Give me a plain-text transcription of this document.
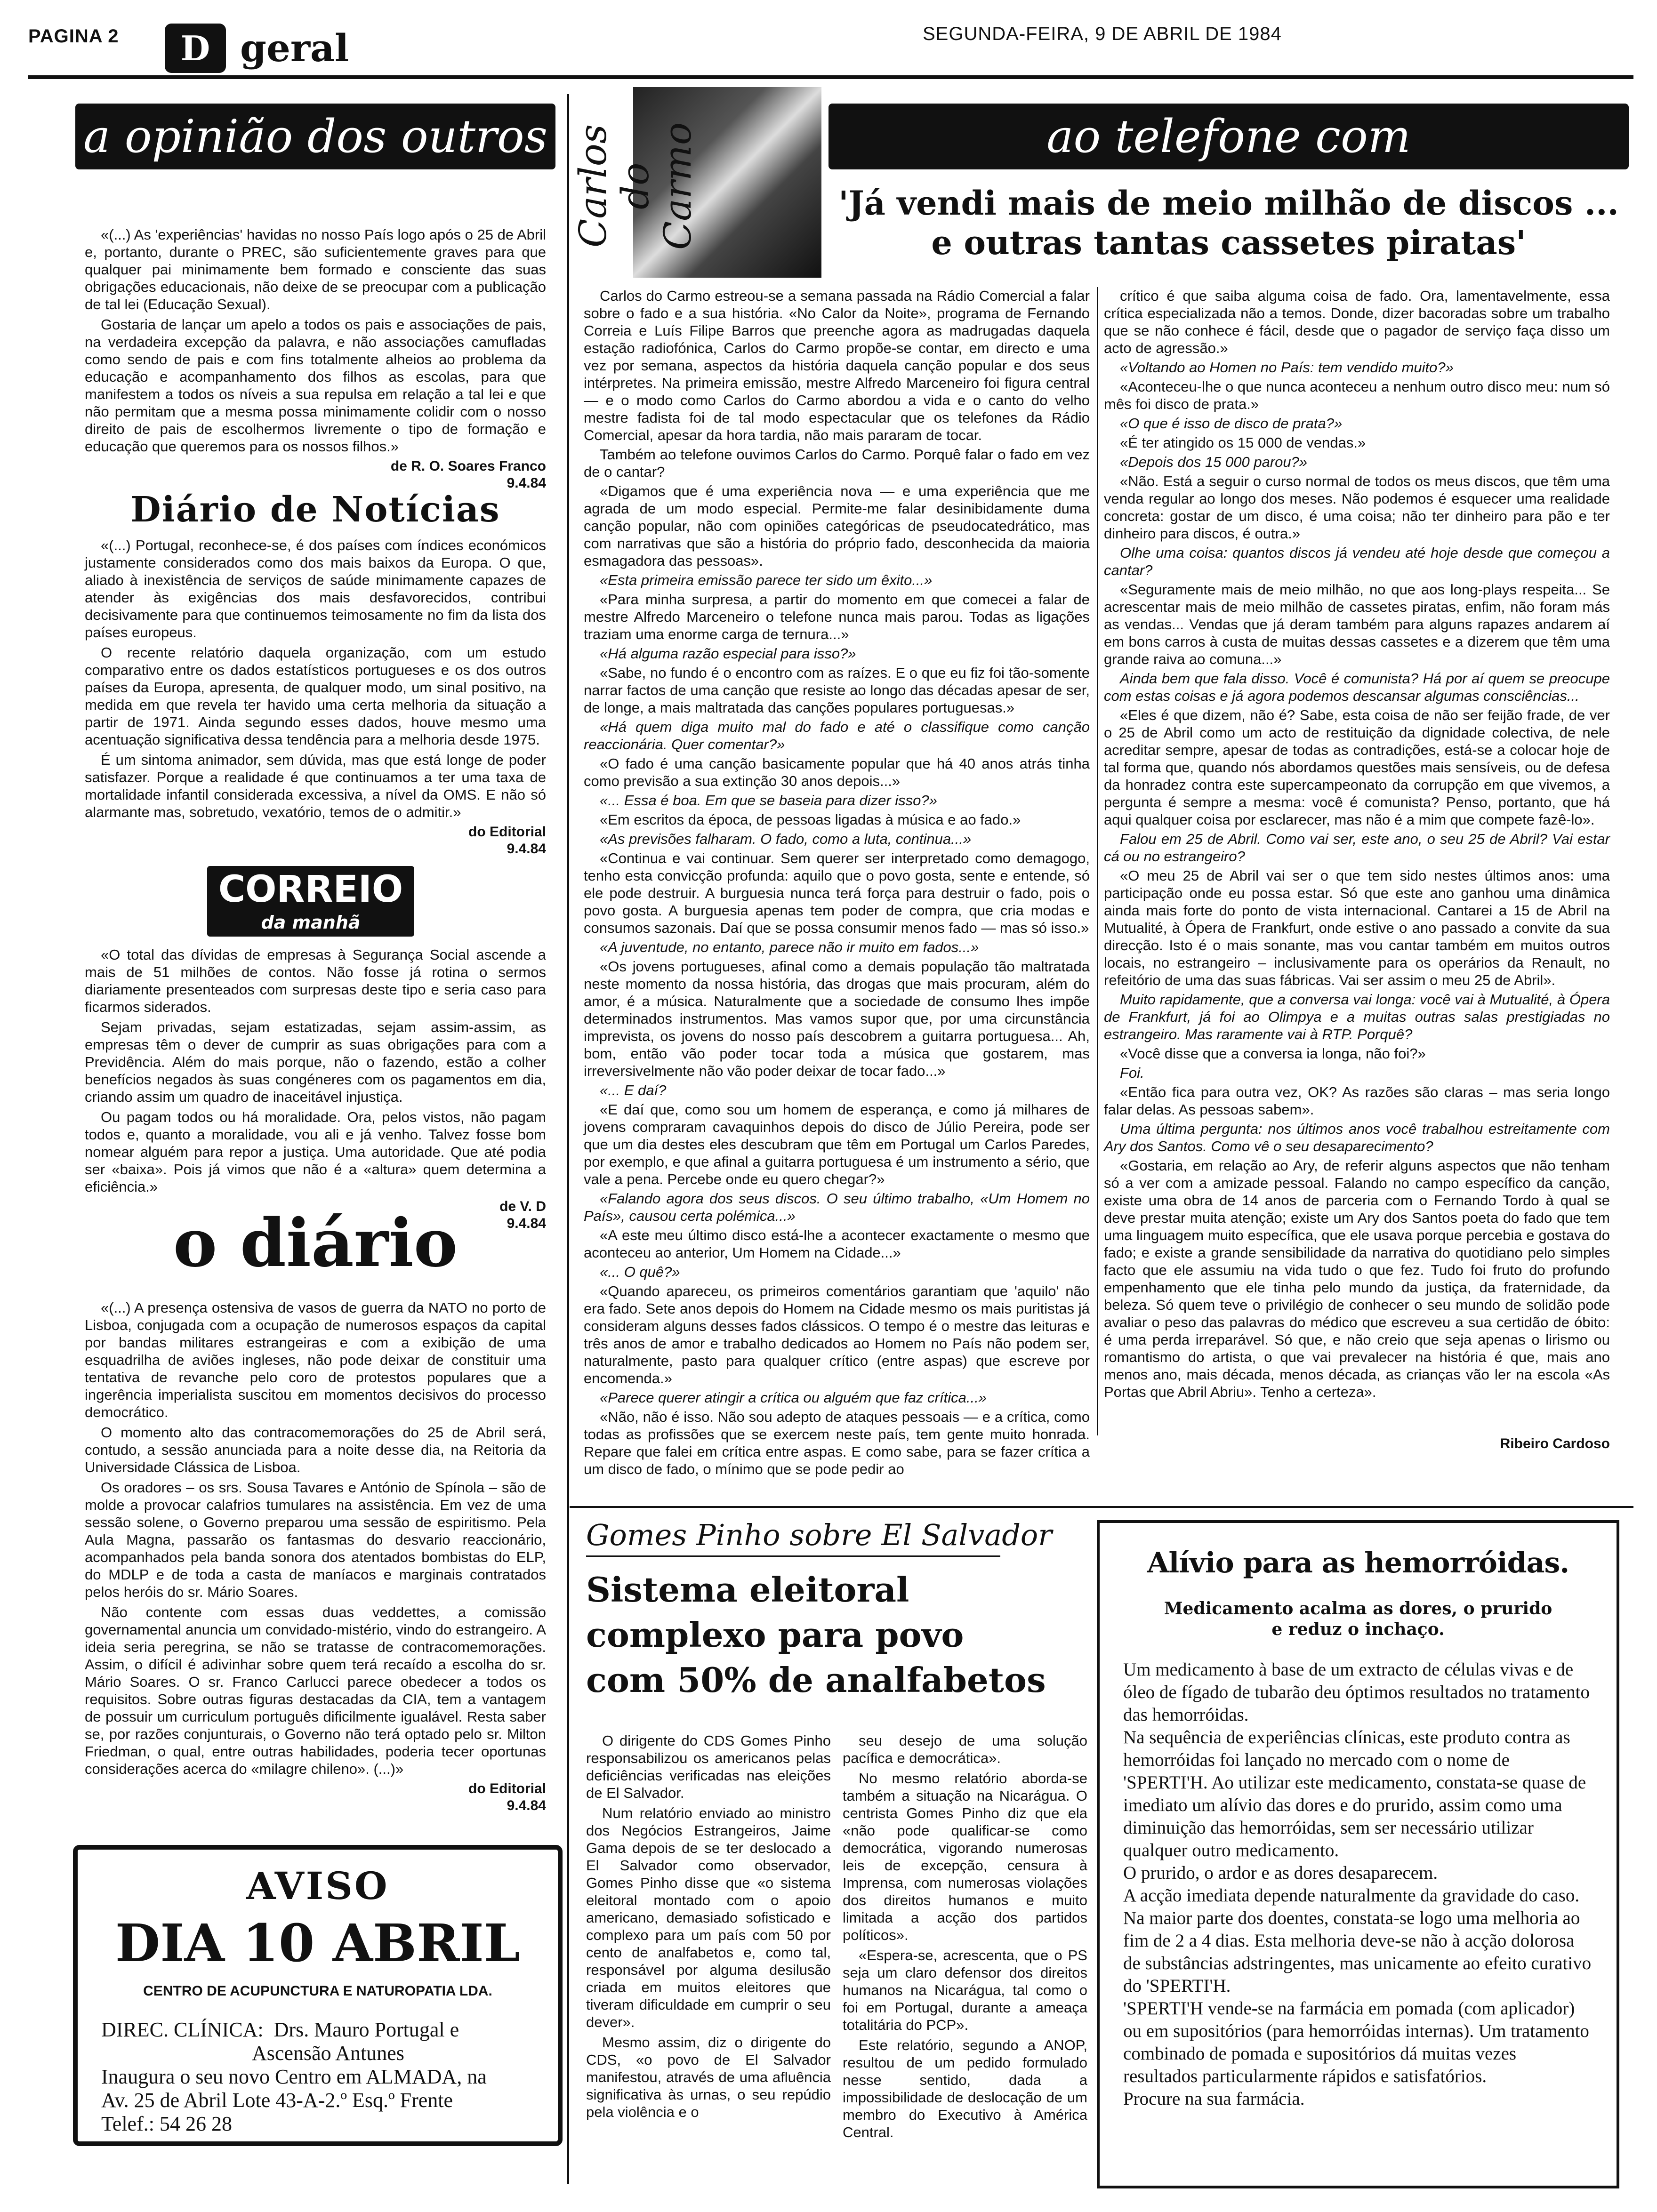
PAGINA 2	D geral	SEGUNDA-FEIRA, 9 DE ABRIL DE 1984
a opinião dos outros

«(...) As 'experiências' havidas no nosso País logo após o 25 de Abril e, portanto, durante o PREC, são suficientemente graves para que qualquer pai minimamente bem formado e consciente das suas obrigações educacionais, não deixe de se preocupar com a publicação de tal lei (Educação Sexual).

Gostaria de lançar um apelo a todos os pais e associações de pais, na verdadeira excepção da palavra, e não associações camufladas como sendo de pais e com fins totalmente alheios ao problema da educação e acompanhamento dos filhos as escolas, para que manifestem a todos os níveis a sua repulsa em relação a tal lei e que não permitam que a mesma possa minimamente colidir com o nosso direito de pais de escolhermos livremente o tipo de formação e educação que queremos para os nossos filhos.»

de R. O. Soares Franco
9.4.84
Diário de Notícias

«(...) Portugal, reconhece-se, é dos países com índices económicos justamente considerados como dos mais baixos da Europa. O que, aliado à inexistência de serviços de saúde minimamente capazes de atender às exigências dos mais desfavorecidos, contribui decisivamente para que continuemos teimosamente no fim da lista dos países europeus.

O recente relatório daquela organização, com um estudo comparativo entre os dados estatísticos portugueses e os dos outros países da Europa, apresenta, de qualquer modo, um sinal positivo, na medida em que revela ter havido uma certa melhoria da situação a partir de 1971. Ainda segundo esses dados, houve mesmo uma acentuação significativa dessa tendência para a melhoria desde 1975.

É um sintoma animador, sem dúvida, mas que está longe de poder satisfazer. Porque a realidade é que continuamos a ter uma taxa de mortalidade infantil considerada excessiva, a nível da OMS. E não só alarmante mas, sobretudo, vexatório, temos de o admitir.»

do Editorial
9.4.84
CORREIO
da manhã

«O total das dívidas de empresas à Segurança Social ascende a mais de 51 milhões de contos. Não fosse já rotina o sermos diariamente presenteados com surpresas deste tipo e seria caso para ficarmos siderados.

Sejam privadas, sejam estatizadas, sejam assim-assim, as empresas têm o dever de cumprir as suas obrigações para com a Previdência. Além do mais porque, não o fazendo, estão a colher benefícios negados às suas congéneres com os pagamentos em dia, criando assim um quadro de inaceitável injustiça.

Ou pagam todos ou há moralidade. Ora, pelos vistos, não pagam todos e, quanto a moralidade, vou ali e já venho. Talvez fosse bom nomear alguém para repor a justiça. Uma autoridade. Que até podia ser «baixa». Pois já vimos que não é a «altura» quem determina a eficiência.»

de V. D
9.4.84
o diário

«(...) A presença ostensiva de vasos de guerra da NATO no porto de Lisboa, conjugada com a ocupação de numerosos espaços da capital por bandas militares estrangeiras e com a exibição de uma esquadrilha de aviões ingleses, não pode deixar de constituir uma tentativa de revanche pelo coro de protestos populares que a ingerência imperialista suscitou em momentos decisivos do processo democrático.

O momento alto das contracomemorações do 25 de Abril será, contudo, a sessão anunciada para a noite desse dia, na Reitoria da Universidade Clássica de Lisboa.

Os oradores – os srs. Sousa Tavares e António de Spínola – são de molde a provocar calafrios tumulares na assistência. Em vez de uma sessão solene, o Governo preparou uma sessão de espiritismo. Pela Aula Magna, passarão os fantasmas do desvario reaccionário, acompanhados pela banda sonora dos atentados bombistas do ELP, do MDLP e de toda a casta de maníacos e marginais contratados pelos heróis do sr. Mário Soares.

Não contente com essas duas veddettes, a comissão governamental anuncia um convidado-mistério, vindo do estrangeiro. A ideia seria peregrina, se não se tratasse de contracomemorações. Assim, o difícil é adivinhar sobre quem terá recaído a escolha do sr. Mário Soares. O sr. Franco Carlucci parece obedecer a todos os requisitos. Sobre outras figuras destacadas da CIA, tem a vantagem de possuir um curriculum português dificilmente igualável. Resta saber se, por razões conjunturais, o Governo não terá optado pelo sr. Milton Friedman, o qual, entre outras habilidades, poderia tecer oportunas considerações acerca do «milagre chileno». (...)»

do Editorial
9.4.84
AVISO
DIA 10 ABRIL
CENTRO DE ACUPUNCTURA E NATUROPATIA LDA.
DIREC. CLÍNICA: Drs. Mauro Portugal e
Ascensão Antunes
Inaugura o seu novo Centro em ALMADA, na
Av. 25 de Abril Lote 43-A-2.º Esq.º Frente
Telef.: 54 26 28
Carlos
do Carmo	ao telefone com
'Já vendi mais de meio milhão de discos ...
e outras tantas cassetes piratas'

Carlos do Carmo estreou-se a semana passada na Rádio Comercial a falar sobre o fado e a sua história. «No Calor da Noite», programa de Fernando Correia e Luís Filipe Barros que preenche agora as madrugadas daquela estação radiofónica, Carlos do Carmo propõe-se contar, em directo e uma vez por semana, aspectos da história daquela canção popular e dos seus intérpretes. Na primeira emissão, mestre Alfredo Marceneiro foi figura central — e o modo como Carlos do Carmo abordou a vida e o canto do velho mestre fadista foi de tal modo espectacular que os telefones da Rádio Comercial, apesar da hora tardia, não mais pararam de tocar.

Também ao telefone ouvimos Carlos do Carmo. Porquê falar o fado em vez de o cantar?

«Digamos que é uma experiência nova — e uma experiência que me agrada de um modo especial. Permite-me falar desinibidamente duma canção popular, não com opiniões categóricas de pseudocatedrático, mas com narrativas que são a história do próprio fado, desconhecida da maioria esmagadora das pessoas».

«Esta primeira emissão parece ter sido um êxito...»

«Para minha surpresa, a partir do momento em que comecei a falar de mestre Alfredo Marceneiro o telefone nunca mais parou. Todas as ligações traziam uma enorme carga de ternura...»

«Há alguma razão especial para isso?»

«Sabe, no fundo é o encontro com as raízes. E o que eu fiz foi tão-somente narrar factos de uma canção que resiste ao longo das décadas apesar de ser, de longe, a mais maltratada das canções populares portuguesas.»

«Há quem diga muito mal do fado e até o classifique como canção reaccionária. Quer comentar?»

«O fado é uma canção basicamente popular que há 40 anos atrás tinha como previsão a sua extinção 30 anos depois...»

«... Essa é boa. Em que se baseia para dizer isso?»

«Em escritos da época, de pessoas ligadas à música e ao fado.»

«As previsões falharam. O fado, como a luta, continua...»

«Continua e vai continuar. Sem querer ser interpretado como demagogo, tenho esta convicção profunda: aquilo que o povo gosta, sente e entende, só ele pode destruir. A burguesia nunca terá força para destruir o fado, pois o povo gosta. A burguesia apenas tem poder de compra, que cria modas e consumos sazonais. Daí que se possa consumir menos fado — mas só isso.»

«A juventude, no entanto, parece não ir muito em fados...»

«Os jovens portugueses, afinal como a demais população tão maltratada neste momento da nossa história, das drogas que mais procuram, além do amor, é a música. Naturalmente que a sociedade de consumo lhes impõe determinados instrumentos. Mas vamos supor que, por uma circunstância imprevista, os jovens do nosso país descobrem a guitarra portuguesa... Ah, bom, então vão poder tocar toda a música que gostarem, mas irreversivelmente não vão poder deixar de tocar fado...»

«... E daí?

«E daí que, como sou um homem de esperança, e como já milhares de jovens compraram cavaquinhos depois do disco de Júlio Pereira, pode ser que um dia destes eles descubram que têm em Portugal um Carlos Paredes, por exemplo, e que afinal a guitarra portuguesa é um instrumento a sério, que vale a pena. Percebe onde eu quero chegar?»

«Falando agora dos seus discos. O seu último trabalho, «Um Homem no País», causou certa polémica...»

«A este meu último disco está-lhe a acontecer exactamente o mesmo que aconteceu ao anterior, Um Homem na Cidade...»

«... O quê?»

«Quando apareceu, os primeiros comentários garantiam que 'aquilo' não era fado. Sete anos depois do Homem na Cidade mesmo os mais puritistas já consideram alguns desses fados clássicos. O tempo é o mestre das leituras e três anos de amor e trabalho dedicados ao Homem no País não podem ser, naturalmente, pasto para qualquer crítico (entre aspas) que escreve por encomenda.»

«Parece querer atingir a crítica ou alguém que faz crítica...»

«Não, não é isso. Não sou adepto de ataques pessoais — e a crítica, como todas as profissões que se exercem neste país, tem gente muito honrada. Repare que falei em crítica entre aspas. E como sabe, para se fazer crítica a um disco de fado, o mínimo que se pode pedir ao

crítico é que saiba alguma coisa de fado. Ora, lamentavelmente, essa crítica especializada não a temos. Donde, dizer bacoradas sobre um trabalho que se não conhece é fácil, desde que o pagador de serviço faça disso um acto de agressão.»

«Voltando ao Homen no País: tem vendido muito?»

«Aconteceu-lhe o que nunca aconteceu a nenhum outro disco meu: num só mês foi disco de prata.»

«O que é isso de disco de prata?»

«É ter atingido os 15 000 de vendas.»

«Depois dos 15 000 parou?»

«Não. Está a seguir o curso normal de todos os meus discos, que têm uma venda regular ao longo dos meses. Não podemos é esquecer uma realidade concreta: gostar de um disco, é uma coisa; não ter dinheiro para pão e ter dinheiro para discos, é outra.»

Olhe uma coisa: quantos discos já vendeu até hoje desde que começou a cantar?

«Seguramente mais de meio milhão, no que aos long-plays respeita... Se acrescentar mais de meio milhão de cassetes piratas, enfim, não foram más as vendas... Vendas que já deram também para alguns rapazes andarem aí em bons carros à custa de muitas dessas cassetes e a dizerem que têm uma grande raiva ao comuna...»

Ainda bem que fala disso. Você é comunista? Há por aí quem se preocupe com estas coisas e já agora podemos descansar algumas consciências...

«Eles é que dizem, não é? Sabe, esta coisa de não ser feijão frade, de ver o 25 de Abril como um acto de restituição da dignidade colectiva, de nele acreditar sempre, apesar de todas as contradições, está-se a colocar hoje de tal forma que, quando nós abordamos questões mais sensíveis, ou de defesa da honradez contra este supercampeonato da corrupção em que vivemos, a pergunta é sempre a mesma: você é comunista? Penso, portanto, que há aqui qualquer coisa por esclarecer, mas não é a mim que compete fazê-lo».

Falou em 25 de Abril. Como vai ser, este ano, o seu 25 de Abril? Vai estar cá ou no estrangeiro?

«O meu 25 de Abril vai ser o que tem sido nestes últimos anos: uma participação onde eu possa estar. Só que este ano ganhou uma dinâmica ainda mais forte do ponto de vista internacional. Cantarei a 15 de Abril na Mutualité, à Ópera de Frankfurt, onde estive o ano passado a convite da sua direcção. Isto é o mais sonante, mas vou cantar também em muitos outros locais, no estrangeiro – inclusivamente para os operários da Renault, no refeitório de uma das suas fábricas. Vai ser assim o meu 25 de Abril».

Muito rapidamente, que a conversa vai longa: você vai à Mutualité, à Ópera de Frankfurt, já foi ao Olimpya e a muitas outras salas prestigiadas no estrangeiro. Mas raramente vai à RTP. Porquê?

«Você disse que a conversa ia longa, não foi?»

Foi.

«Então fica para outra vez, OK? As razões são claras – mas seria longo falar delas. As pessoas sabem».

Uma última pergunta: nos últimos anos você trabalhou estreitamente com Ary dos Santos. Como vê o seu desaparecimento?

«Gostaria, em relação ao Ary, de referir alguns aspectos que não tenham só a ver com a amizade pessoal. Falando no campo específico da canção, existe uma obra de 14 anos de parceria com o Fernando Tordo à qual se deve prestar muita atenção; existe um Ary dos Santos poeta do fado que tem uma linguagem muito específica, que ele usava porque percebia e gostava do fado; e existe a grande sensibilidade da narrativa do quotidiano pelo simples facto que ele assumiu na vida tudo o que fez. Tudo foi fruto do profundo empenhamento que ele tinha pelo mundo da justiça, da fraternidade, da beleza. Só quem teve o privilégio de conhecer o seu mundo de solidão pode avaliar o peso das palavras do médico que escreveu a sua certidão de óbito: é uma perda irreparável. Só que, e não creio que seja apenas o lirismo ou romantismo do artista, o que vai prevalecer na história é que, mais ano menos ano, mais década, menos década, as crianças vão ler na escola «As Portas que Abril Abriu». Tenho a certeza».

Ribeiro Cardoso
Gomes Pinho sobre El Salvador
Sistema eleitoral
complexo para povo
com 50% de analfabetos

O dirigente do CDS Gomes Pinho responsabilizou os americanos pelas deficiências verificadas nas eleições de El Salvador.

Num relatório enviado ao ministro dos Negócios Estrangeiros, Jaime Gama depois de se ter deslocado a El Salvador como observador, Gomes Pinho disse que «o sistema eleitoral montado com o apoio americano, demasiado sofisticado e complexo para um país com 50 por cento de analfabetos e, como tal, responsável por alguma desilusão criada em muitos eleitores que tiveram dificuldade em cumprir o seu dever».

Mesmo assim, diz o dirigente do CDS, «o povo de El Salvador manifestou, através de uma afluência significativa às urnas, o seu repúdio pela violência e o

seu desejo de uma solução pacífica e democrática».

No mesmo relatório aborda-se também a situação na Nicarágua. O centrista Gomes Pinho diz que ela «não pode qualificar-se como democrática, vigorando numerosas leis de excepção, censura à Imprensa, com numerosas violações dos direitos humanos e muito limitada a acção dos partidos políticos».

«Espera-se, acrescenta, que o PS seja um claro defensor dos direitos humanos na Nicarágua, tal como o foi em Portugal, durante a ameaça totalitária do PCP».

Este relatório, segundo a ANOP, resultou de um pedido formulado nesse sentido, dada a impossibilidade de deslocação de um membro do Executivo à América Central.

Alívio para as hemorróidas.
Medicamento acalma as dores, o prurido
e reduz o inchaço.
Um medicamento à base de um extracto de células vivas e de óleo de fígado de tubarão deu óptimos resultados no tratamento das hemorróidas.
Na sequência de experiências clínicas, este produto contra as hemorróidas foi lançado no mercado com o nome de 'SPERTI'H. Ao utilizar este medicamento, constata-se quase de imediato um alívio das dores e do prurido, assim como uma diminuição das hemorróidas, sem ser necessário utilizar qualquer outro medicamento.
O prurido, o ardor e as dores desaparecem.
A acção imediata depende naturalmente da gravidade do caso.
Na maior parte dos doentes, constata-se logo uma melhoria ao fim de 2 a 4 dias. Esta melhoria deve-se não à acção dolorosa de substâncias adstringentes, mas unicamente ao efeito curativo do 'SPERTI'H.
'SPERTI'H vende-se na farmácia em pomada (com aplicador) ou em supositórios (para hemorróidas internas). Um tratamento combinado de pomada e supositórios dá muitas vezes resultados particularmente rápidos e satisfatórios.
Procure na sua farmácia.
